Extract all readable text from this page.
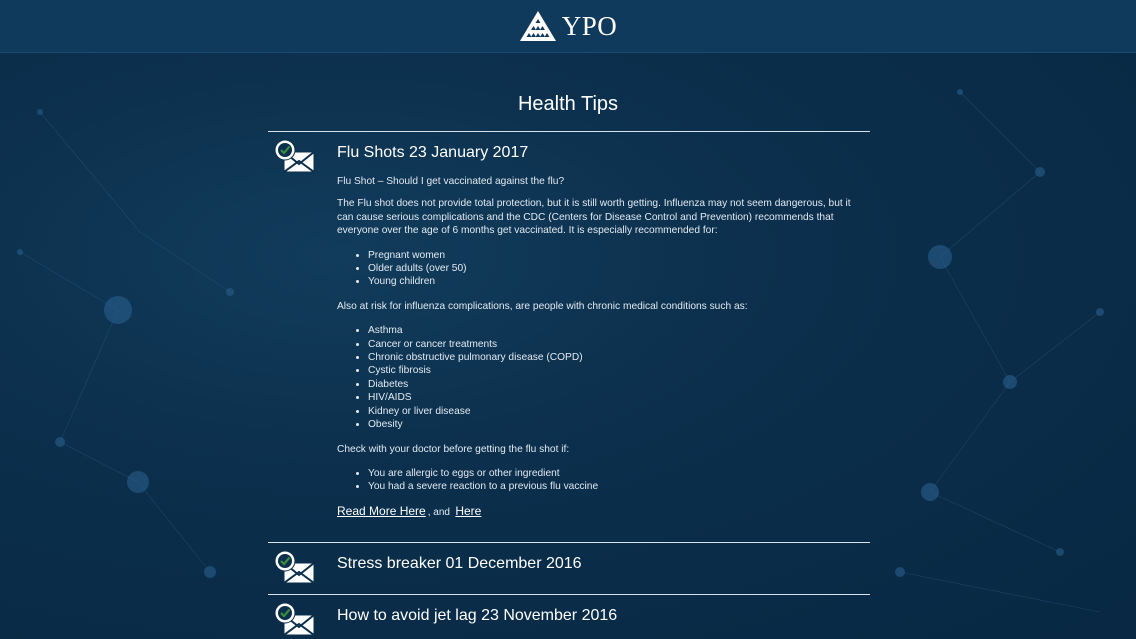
YPO
Health Tips
Flu Shots 23 January 2017

Flu Shot – Should I get vaccinated against the flu?

The Flu shot does not provide total protection, but it is still worth getting. Influenza may not seem dangerous, but it can cause serious complications and the CDC (Centers for Disease Control and Prevention) recommends that everyone over the age of 6 months get vaccinated. It is especially recommended for:

• Pregnant women
• Older adults (over 50)
• Young children

Also at risk for influenza complications, are people with chronic medical conditions such as:

• Asthma
• Cancer or cancer treatments
• Chronic obstructive pulmonary disease (COPD)
• Cystic fibrosis
• Diabetes
• HIV/AIDS
• Kidney or liver disease
• Obesity

Check with your doctor before getting the flu shot if:

• You are allergic to eggs or other ingredient
• You had a severe reaction to a previous flu vaccine

Read More Here , and Here

Stress breaker 01 December 2016
How to avoid jet lag 23 November 2016
